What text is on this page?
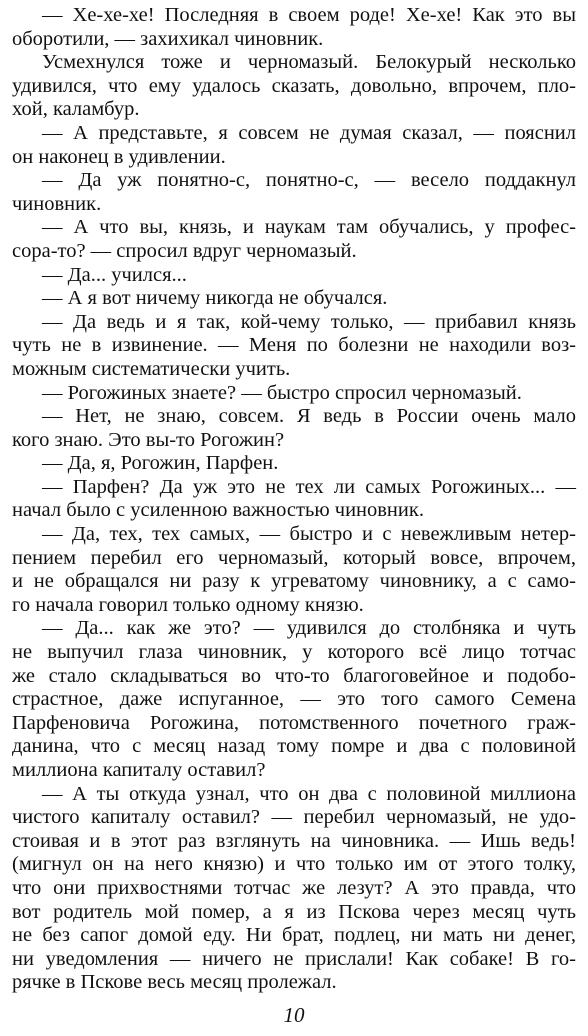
— Хе-хе-хе! Последняя в своем роде! Хе-хе! Как это вы
оборотили, — захихикал чиновник.
Усмехнулся тоже и черномазый. Белокурый несколько
удивился, что ему удалось сказать, довольно, впрочем, пло-
хой, каламбур.
— А представьте, я совсем не думая сказал, — пояснил
он наконец в удивлении.
— Да уж понятно-с, понятно-с, — весело поддакнул
чиновник.
— А что вы, князь, и наукам там обучались, у профес-
сора-то? — спросил вдруг черномазый.
— Да... учился...
— А я вот ничему никогда не обучался.
— Да ведь и я так, кой-чему только, — прибавил князь
чуть не в извинение. — Меня по болезни не находили воз-
можным систематически учить.
— Рогожиных знаете? — быстро спросил черномазый.
— Нет, не знаю, совсем. Я ведь в России очень мало
кого знаю. Это вы-то Рогожин?
— Да, я, Рогожин, Парфен.
— Парфен? Да уж это не тех ли самых Рогожиных... —
начал было с усиленною важностью чиновник.
— Да, тех, тех самых, — быстро и с невежливым нетер-
пением перебил его черномазый, который вовсе, впрочем,
и не обращался ни разу к угреватому чиновнику, а с само-
го начала говорил только одному князю.
— Да... как же это? — удивился до столбняка и чуть
не выпучил глаза чиновник, у которого всё лицо тотчас
же стало складываться во что-то благоговейное и подобо-
страстное, даже испуганное, — это того самого Семена
Парфеновича Рогожина, потомственного почетного граж-
данина, что с месяц назад тому помре и два с половиной
миллиона капиталу оставил?
— А ты откуда узнал, что он два с половиной миллиона
чистого капиталу оставил? — перебил черномазый, не удо-
стоивая и в этот раз взглянуть на чиновника. — Ишь ведь!
(мигнул он на него князю) и что только им от этого толку,
что они прихвостнями тотчас же лезут? А это правда, что
вот родитель мой помер, а я из Пскова через месяц чуть
не без сапог домой еду. Ни брат, подлец, ни мать ни денег,
ни уведомления — ничего не прислали! Как собаке! В го-
рячке в Пскове весь месяц пролежал.
10
